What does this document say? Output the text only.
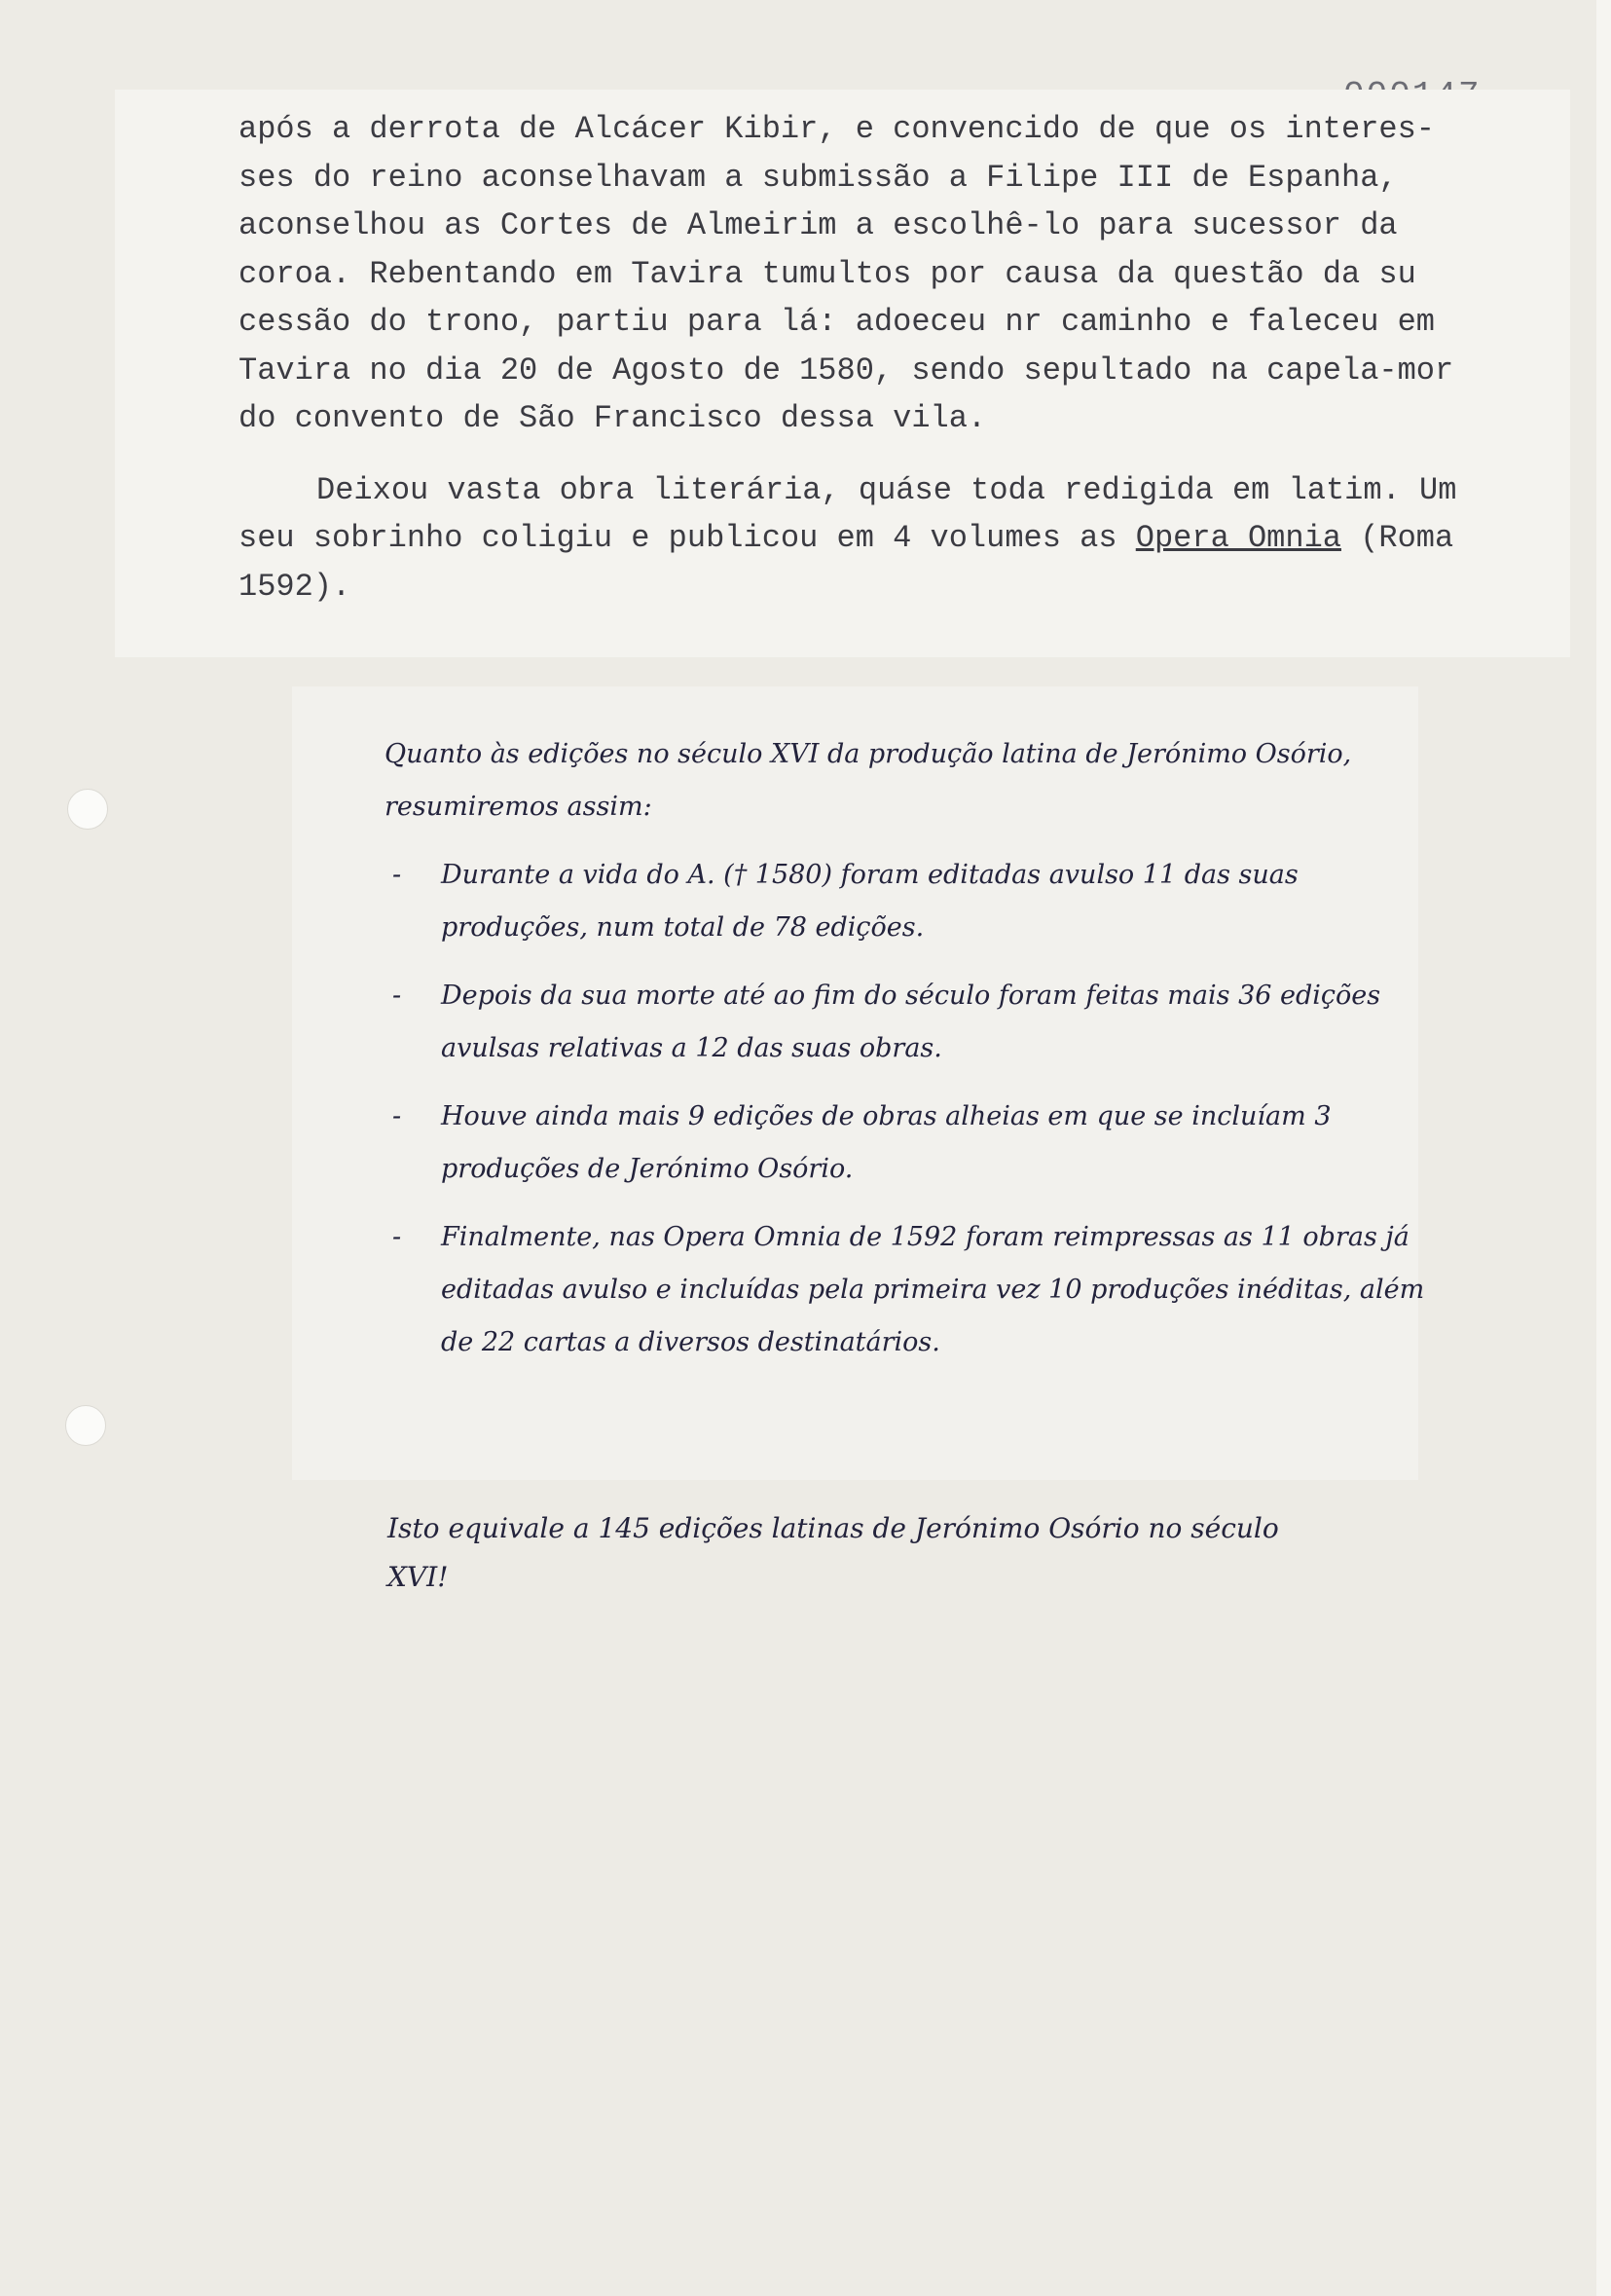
após a derrota de Alcácer Kibir, e convencido de que os interes-
ses do reino aconselhavam a submissão a Filipe III de Espanha,
aconselhou as Cortes de Almeirim a escolhê-lo para sucessor da
coroa. Rebentando em Tavira tumultos por causa da questão da su
cessão do trono, partiu para lá: adoeceu nr caminho e faleceu em
Tavira no dia 20 de Agosto de 1580, sendo sepultado na capela-mor
do convento de São Francisco dessa vila.

Deixou vasta obra literária, quáse toda redigida em latim. Um
seu sobrinho coligiu e publicou em 4 volumes as Opera Omnia (Roma
1592).

Quanto às edições no século XVI da produção latina de Jerónimo Osório, resumiremos assim:

- Durante a vida do A. († 1580) foram editadas avulso 11 das suas produções, num total de 78 edições.

- Depois da sua morte até ao fim do século foram feitas mais 36 edições avulsas relativas a 12 das suas obras.

- Houve ainda mais 9 edições de obras alheias em que se incluíam 3 produções de Jerónimo Osório.

- Finalmente, nas Opera Omnia de 1592 foram reimpressas as 11 obras já editadas avulso e incluídas pela primeira vez 10 produções inéditas, além de 22 cartas a diversos destinatários.

Isto equivale a 145 edições latinas de Jerónimo Osório no século

XVI!
